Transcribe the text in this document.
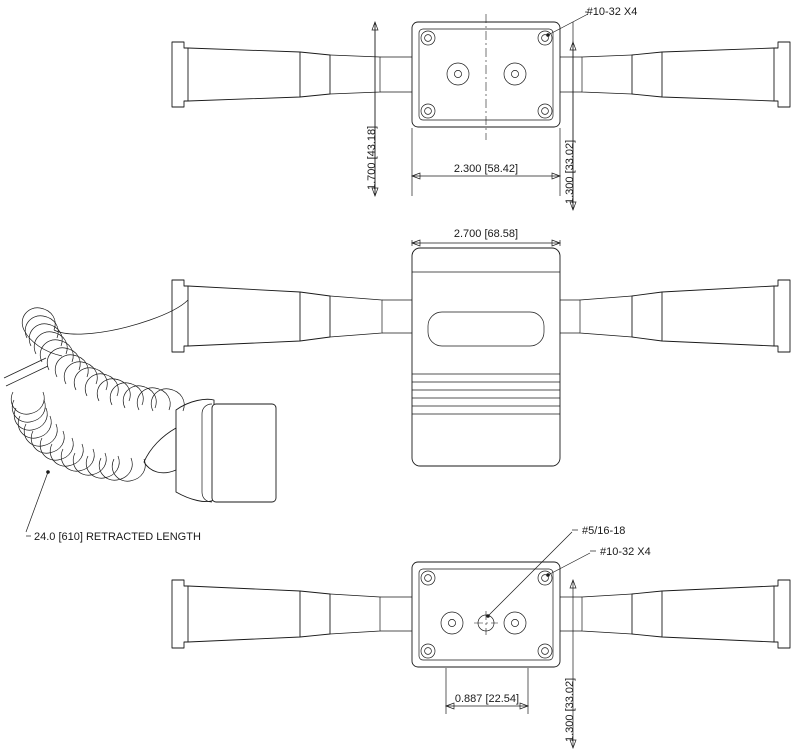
2.300 [58.42]
1.700 [43.18]	1.300 [33.02]
#10-32 X4
2.700 [68.58]
24.0 [610] RETRACTED LENGTH
0.887 [22.54]	1.300 [33.02]
#5/16-18
#10-32 X4
